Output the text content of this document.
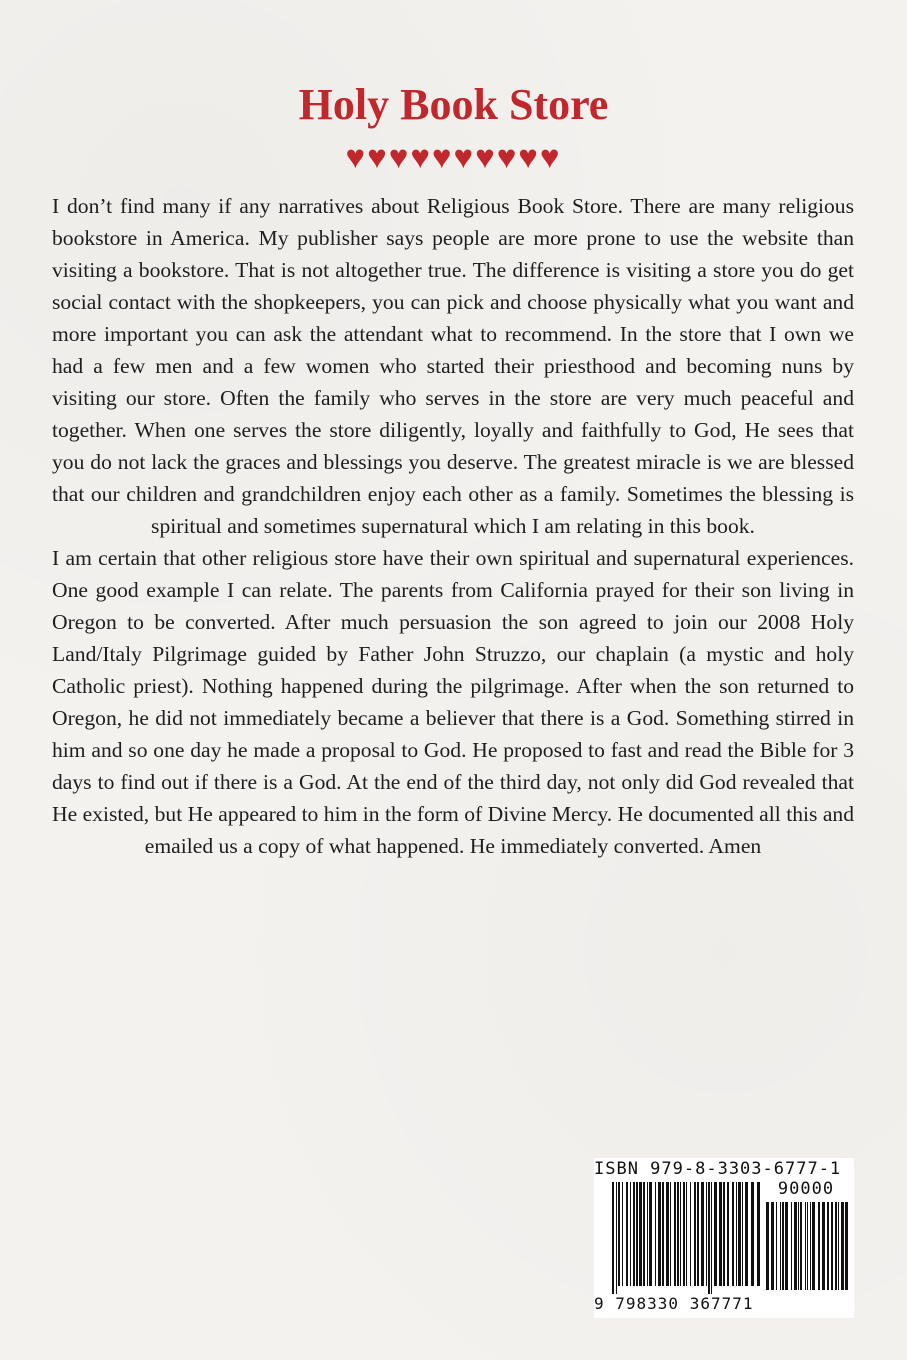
Holy Book Store
♥♥♥♥♥♥♥♥♥♥

I don’t find many if any narratives about Religious Book Store. There are many religious bookstore in America. My publisher says people are more prone to use the website than visiting a bookstore. That is not altogether true. The difference is visiting a store you do get social contact with the shopkeepers, you can pick and choose physically what you want and more important you can ask the attendant what to recommend. In the store that I own we had a few men and a few women who started their priesthood and becoming nuns by visiting our store. Often the family who serves in the store are very much peaceful and together. When one serves the store diligently, loyally and faithfully to God, He sees that you do not lack the graces and blessings you deserve. The greatest miracle is we are blessed that our children and grandchildren enjoy each other as a family. Sometimes the blessing is spiritual and sometimes supernatural which I am relating in this book.

I am certain that other religious store have their own spiritual and supernatural experiences. One good example I can relate. The parents from California prayed for their son living in Oregon to be converted. After much persuasion the son agreed to join our 2008 Holy Land/Italy Pilgrimage guided by Father John Struzzo, our chaplain (a mystic and holy Catholic priest). Nothing happened during the pilgrimage. After when the son returned to Oregon, he did not immediately became a believer that there is a God. Something stirred in him and so one day he made a proposal to God. He proposed to fast and read the Bible for 3 days to find out if there is a God. At the end of the third day, not only did God revealed that He existed, but He appeared to him in the form of Divine Mercy. He documented all this and emailed us a copy of what happened. He immediately converted. Amen

ISBN 979-8-3303-6777-1
90000
9 798330 367771
